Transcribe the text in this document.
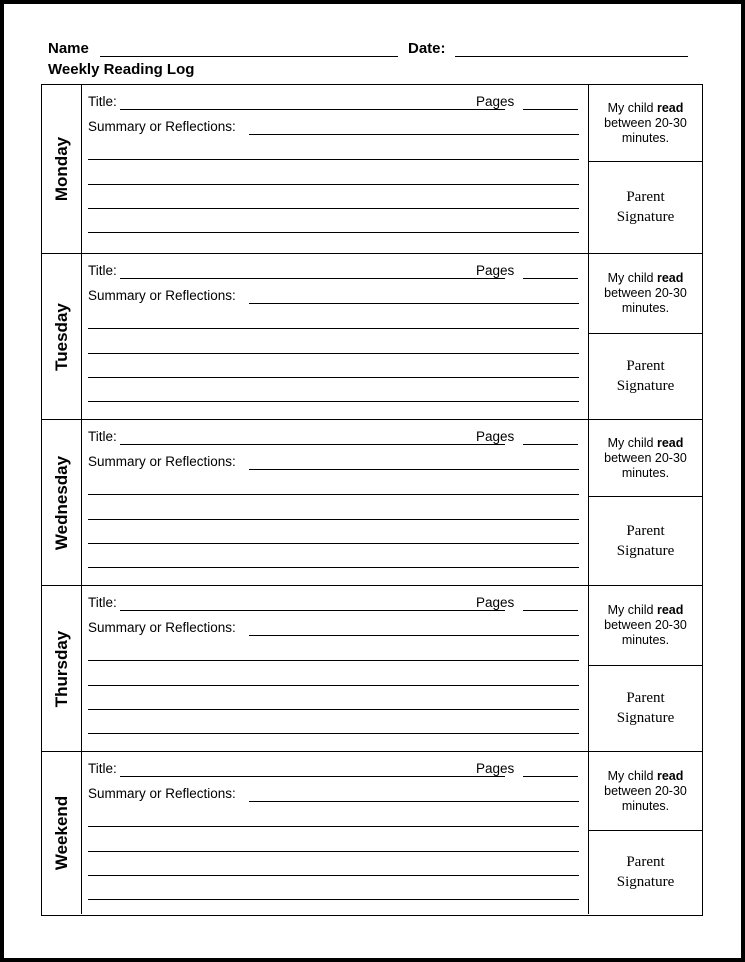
Name	Date:
Weekly Reading Log
Monday
Title:	Pages
Summary or Reflections:
My child read
between 20-30
minutes.
Parent
Signature
Tuesday
Title:	Pages
Summary or Reflections:
My child read
between 20-30
minutes.
Parent
Signature
Wednesday
Title:	Pages
Summary or Reflections:
My child read
between 20-30
minutes.
Parent
Signature
Thursday
Title:	Pages
Summary or Reflections:
My child read
between 20-30
minutes.
Parent
Signature
Weekend
Title:	Pages
Summary or Reflections:
My child read
between 20-30
minutes.
Parent
Signature
